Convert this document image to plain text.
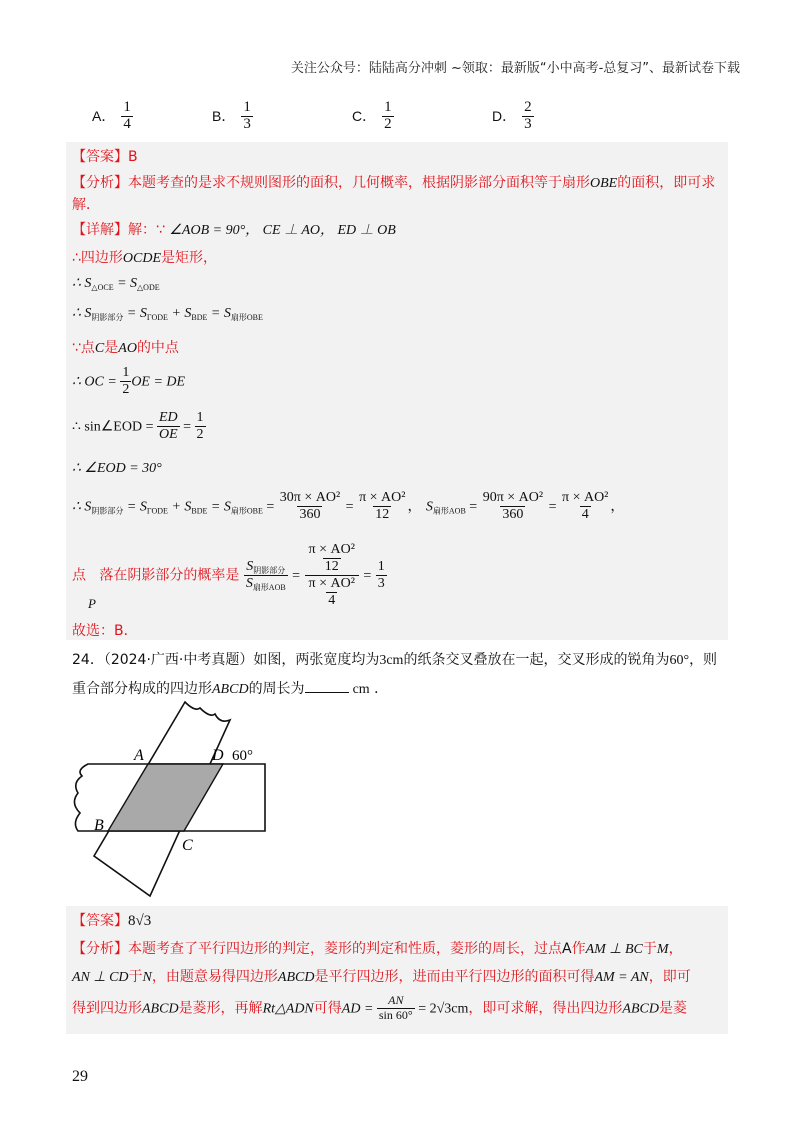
关注公众号：陆陆高分冲刺 ~领取：最新版“小中高考-总复习”、最新试卷下载
A． $\frac{1}{4}$	B． $\frac{1}{3}$	C． $\frac{1}{2}$	D． $\frac{2}{3}$
【答案】B
【分析】本题考查的是求不规则图形的面积，几何概率，根据阴影部分面积等于扇形OBE的面积，即可求
解．
【详解】解：∵ ∠AOB = 90°， CE ⊥ AO， ED ⊥ OB
∴四边形OCDE是矩形，
∴ $S_{\triangle OCE} = S_{\triangle ODE}$
∴ $S_{阴影部分} = S_{\Gamma ODE} + S_{BDE} = S_{扇形OBE}$
∵点C是AO的中点
∴ OC = $\frac{1}{2}$ OE = DE
∴ sin∠EOD = $\frac{ED}{OE} = \frac{1}{2}$
∴ ∠EOD = 30°
∴ $S_{阴影部分} = S_{\Gamma ODE} + S_{BDE} = S_{扇形OBE} = \frac{\text{30π × AO²}}{360} = \frac{\text{π × AO²}}{12}$ ， $S_{扇形AOB} = \frac{\text{90π × AO²}}{360} = \frac{\text{π × AO²}}{4}$ ，
点 落在阴影部分的概率是 $\frac{S_{阴影部分}}{S_{扇形AOB}} = \frac{\frac{\text{π × AO²}}{12}}{\frac{\text{π × AO²}}{4}} = \frac{1}{3}$
P
故选：B．
24．（2024·广西·中考真题）如图，两张宽度均为3cm的纸条交叉叠放在一起，交叉形成的锐角为60°，则
重合部分构成的四边形ABCD的周长为	cm ．
A	D 60°
B
C
【答案】8√3
【分析】本题考查了平行四边形的判定，菱形的判定和性质，菱形的周长，过点A作AM ⊥ BC于M，
AN ⊥ CD于N，由题意易得四边形ABCD是平行四边形，进而由平行四边形的面积可得AM = AN，即可
得到四边形ABCD是菱形，再解Rt△ADN可得AD = $\frac{AN}{\sin 60^\circ} = 2√3cm$，即可求解，得出四边形ABCD是菱
29
